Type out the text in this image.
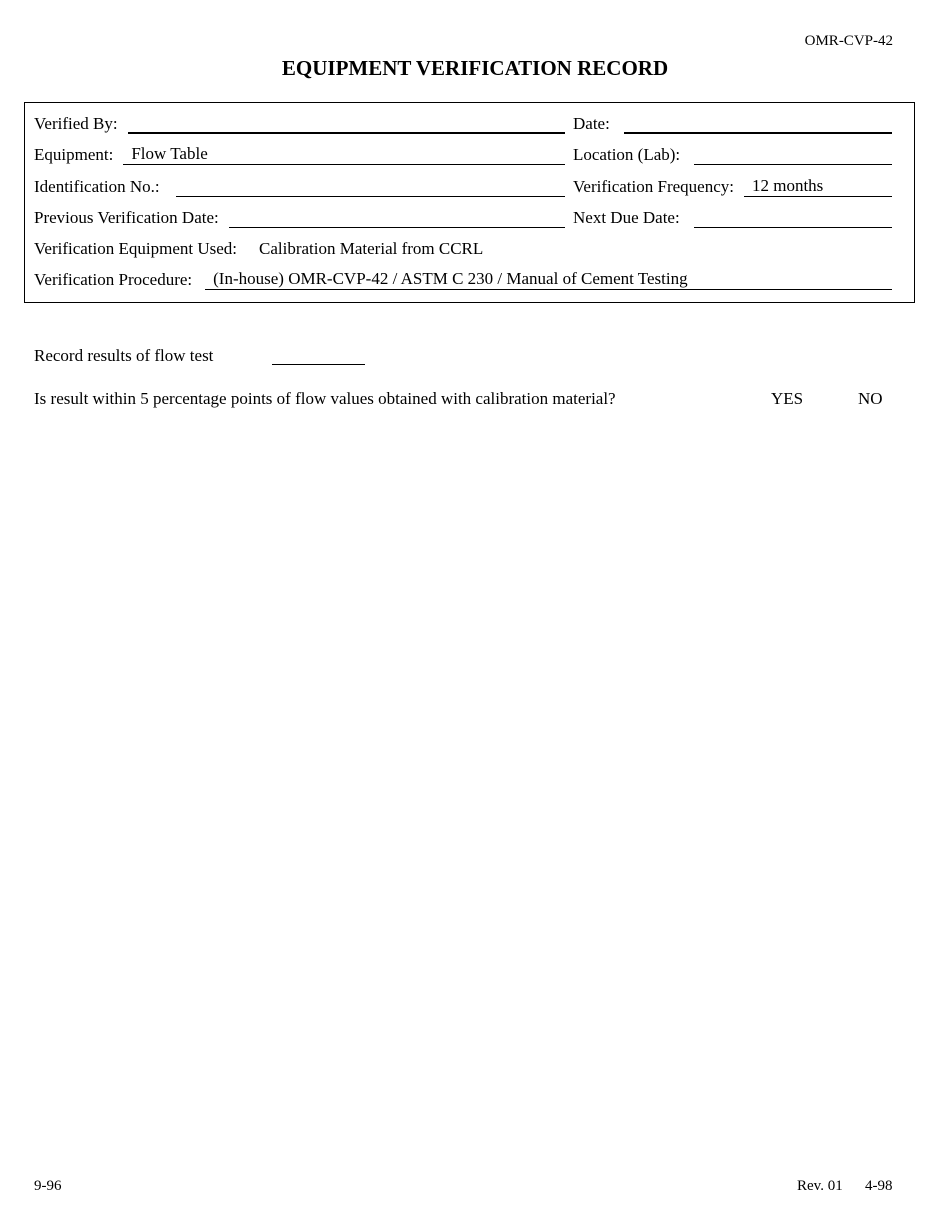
OMR-CVP-42
EQUIPMENT VERIFICATION RECORD
Verified By:	Date:
Equipment:	Flow Table	Location (Lab):
Identification No.:	Verification Frequency:	12 months
Previous Verification Date:	Next Due Date:
Verification Equipment Used: Calibration Material from CCRL
Verification Procedure:	(In-house) OMR-CVP-42 / ASTM C 230 / Manual of Cement Testing
Record results of flow test
Is result within 5 percentage points of flow values obtained with calibration material?	YES	NO
9-96	Rev. 01 4-98
